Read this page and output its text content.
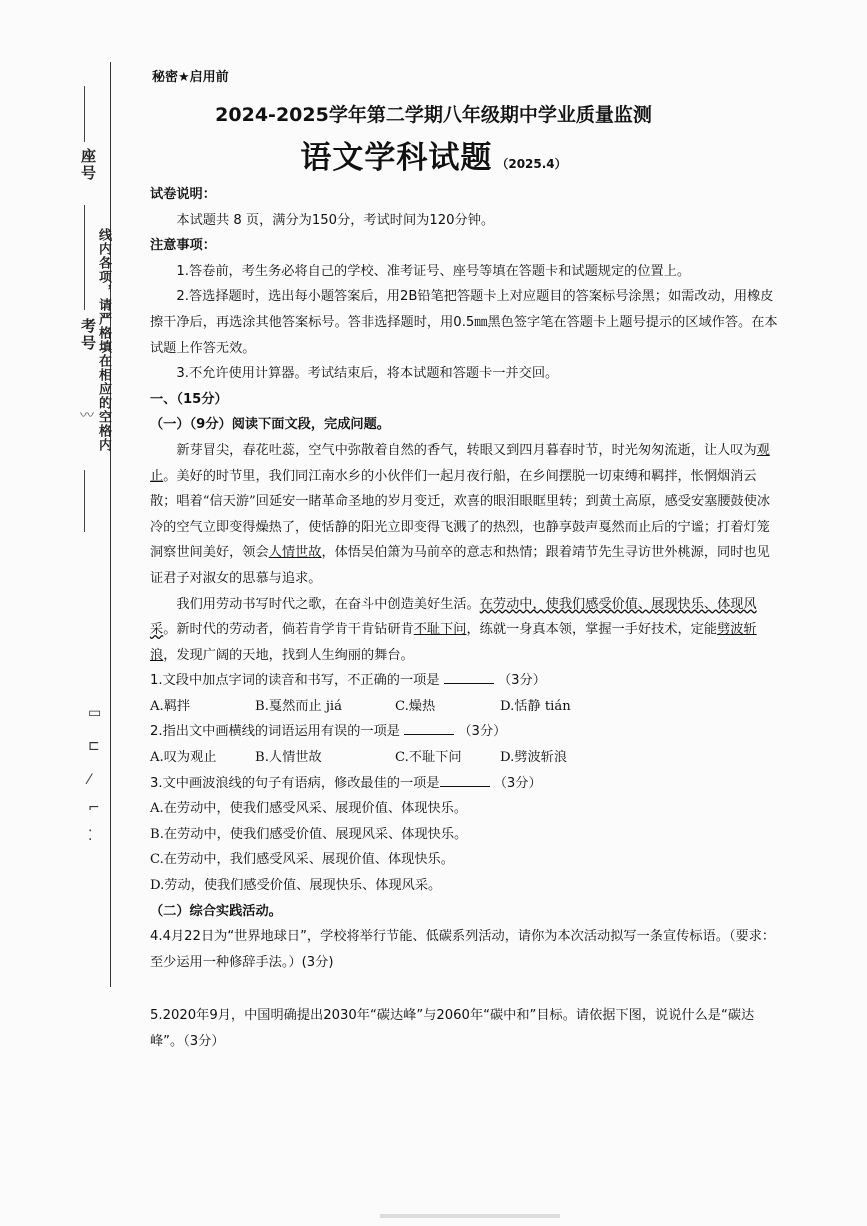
座号
考号 线内各项，请严格填在相应的空格内
〰
▭
⊏
⁄
⌐
⁚
秘密★启用前
2024-2025学年第二学期八年级期中学业质量监测
语文学科试题 （2025.4）

试卷说明：

本试题共 8 页，满分为150分，考试时间为120分钟。

注意事项：

1.答卷前，考生务必将自己的学校、准考证号、座号等填在答题卡和试题规定的位置上。

2.答选择题时，选出每小题答案后，用2B铅笔把答题卡上对应题目的答案标号涂黑；如需改动，用橡皮擦干净后，再选涂其他答案标号。答非选择题时，用0.5㎜黑色签字笔在答题卡上题号提示的区域作答。在本试题上作答无效。

3.不允许使用计算器。考试结束后，将本试题和答题卡一并交回。

一、（15分）

（一）（9分）阅读下面文段，完成问题。

新芽冒尖，春花吐蕊，空气中弥散着自然的香气，转眼又到四月暮春时节，时光匆匆流逝，让人叹为观止。美好的时节里，我们同江南水乡的小伙伴们一起月夜行船，在乡间摆脱一切束缚和羁拌，怅惘烟消云散；唱着“信天游”回延安一睹革命圣地的岁月变迁，欢喜的眼泪眼眶里转；到黄土高原，感受安塞腰鼓使冰冷的空气立即变得燥热了，使恬静的阳光立即变得飞溅了的热烈，也静享鼓声戛然而止后的宁谧；打着灯笼洞察世间美好，领会人情世故，体悟吴伯箫为马前卒的意志和热情；跟着靖节先生寻访世外桃源，同时也见证君子对淑女的思慕与追求。

我们用劳动书写时代之歌，在奋斗中创造美好生活。在劳动中，使我们感受价值、展现快乐、体现风采。新时代的劳动者，倘若肯学肯干肯钻研肯不耻下问，练就一身真本领，掌握一手好技术，定能劈波斩浪，发现广阔的天地，找到人生绚丽的舞台。

1.文段中加点字词的读音和书写，不正确的一项是	（3分）

A.羁拌	B.戛然而止 jiá	C.燥热	D.恬静 tián

2.指出文中画横线的词语运用有误的一项是	（3分）

A.叹为观止	B.人情世故	C.不耻下问	D.劈波斩浪

3.文中画波浪线的句子有语病，修改最佳的一项是	（3分）

A.在劳动中，使我们感受风采、展现价值、体现快乐。

B.在劳动中，使我们感受价值、展现风采、体现快乐。

C.在劳动中，我们感受风采、展现价值、体现快乐。

D.劳动，使我们感受价值、展现快乐、体现风采。

（二）综合实践活动。

4.4月22日为“世界地球日”，学校将举行节能、低碳系列活动，请你为本次活动拟写一条宣传标语。（要求：至少运用一种修辞手法。）(3分)

5.2020年9月，中国明确提出2030年“碳达峰”与2060年“碳中和”目标。请依据下图，说说什么是“碳达峰”。（3分）
